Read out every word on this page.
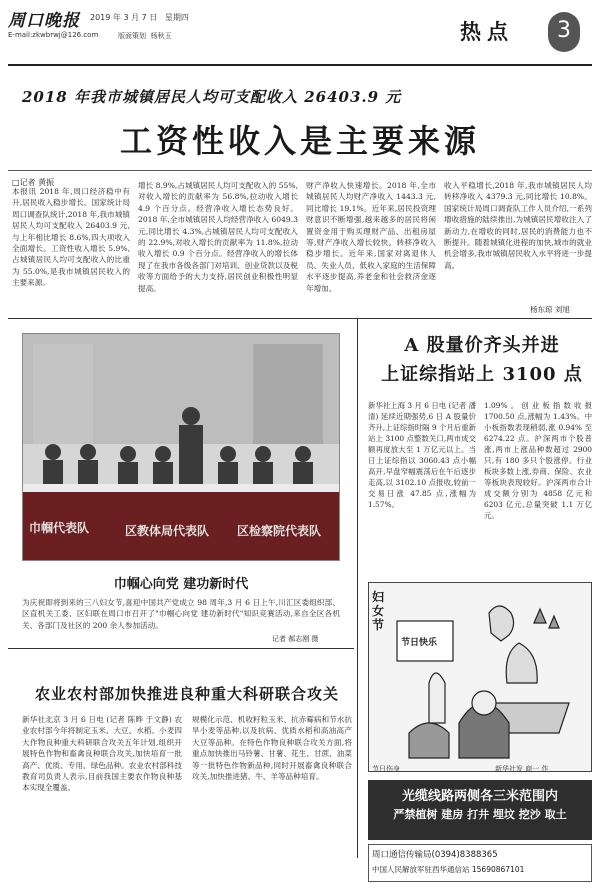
周口晚报 2019 年 3 月 7 日 星期四
E-mail:zkwbrwj@126.com	版面策划 杨秋玉	热点	3
2018 年我市城镇居民人均可支配收入 26403.9 元
工资性收入是主要来源
□记者 黄振
本报讯 2018 年,周口经济稳中有升,居民收入稳步增长。国家统计局周口调查队统计,2018 年,我市城镇居民人均可支配收入 26403.9 元,与上年相比增长 8.6%,四大项收入全面增长。工资性收入增长 5.9%,占城镇居民人均可支配收入的比重为 55.0%,是我市城镇居民收入的主要来源。
增长 8.9%,占城镇居民人均可支配收入的 55%,对收入增长的贡献率为 56.8%,拉动收入增长 4.9 个百分点。经营净收入增长态势良好。2018 年,全市城镇居民人均经营净收入 6049.3 元,同比增长 4.3%,占城镇居民人均可支配收入的 22.9%,对收入增长的贡献率为 11.8%,拉动收入增长 0.9 个百分点。经营净收入的增长体现了在我市各级各部门对培训、创业贷款以及税收等方面给予的大力支持,居民创业积极性明显提高。
财产净收入快速增长。2018 年,全市城镇居民人均财产净收入 1443.3 元,同比增长 19.1%。近年来,居民投资理财意识不断增强,越来越多的居民将闲置资金用于购买理财产品、出租房屋等,财产净收入增长较快。转移净收入稳步增长。近年来,国家对离退休人员、失业人员、低收入家庭的生活保障水平逐步提高,养老金和社会救济金逐年增加。
收入平稳增长,2018 年,我市城镇居民人均转移净收入 4379.3 元,同比增长 10.8%。国家统计局周口调查队工作人员介绍,一系列增收措施的陆续推出,为城镇居民增收注入了新动力,在增收的同时,居民的消费能力也不断提升。随着城镇化进程的加快,城市的就业机会增多,我市城镇居民收入水平将进一步提高。
杨东琼 刘旭
巾帼代表队	区教体局代表队 区检察院代表队
巾帼心向党 建功新时代
为庆祝即将到来的三八妇女节,喜迎中国共产党成立 98 周年,3 月 6 日上午,川汇区委组织部、区直机关工委、区妇联在周口市召开了"巾帼心向党 建功新时代"知识竞赛活动,来自全区各机关、各部门及社区的 200 余人参加活动。
记者 郝志刚 摄
农业农村部加快推进良种重大科研联合攻关
新华社北京 3 月 6 日电 (记者 陈晔 于文静) 农业农村部今年将制定玉米、大豆、水稻、小麦四大作物良种重大科研联合攻关五年计划,组织开展特色作物和畜禽良种联合攻关,加快培育一批高产、优质、专用、绿色品种。农业农村部科技教育司负责人表示,目前我国主要农作物良种基本实现全覆盖。
规模化示范、机收籽粒玉米、抗赤霉病和节水抗旱小麦等品种,以及抗病、优质水稻和高油高产大豆等品种。在特色作物良种联合攻关方面,将重点加快推出马铃薯、甘薯、花生、甘蔗、油菜等一批特色作物新品种,同时开展畜禽良种联合攻关,加快推进猪、牛、羊等品种培育。
A 股量价齐头并进
上证综指站上 3100 点
新华社上海 3 月 6 日电 (记者 潘清) 延续近期强势,6 日 A 股量价齐升,上证综指时隔 9 个月后重新站上 3100 点整数关口,两市成交额再度放大至 1 万亿元以上。当日上证综指以 3060.43 点小幅高开,早盘窄幅震荡后在午后逐步走高,以 3102.10 点报收,较前一交易日涨 47.85 点,涨幅为 1.57%。
1.09%。创业板指数收报 1700.50 点,涨幅为 1.43%。中小板指数表现稍弱,涨 0.94% 至 6274.22 点。沪深两市个股普涨,两市上涨品种数超过 2900 只,有 180 多只个股涨停。行业板块多数上涨,券商、保险、农业等板块表现较好。沪深两市合计成交额分别为 4858 亿元和 6203 亿元,总量突破 1.1 万亿元。
节日快乐
妇女节
节日伤身	新华社发 商一 作
光缆线路两侧各三米范围内
严禁植树 建房 打井 埋坟 挖沙 取土
周口通信传输局(0394)8388365
中国人民解放军驻西华通信站 15690867101
